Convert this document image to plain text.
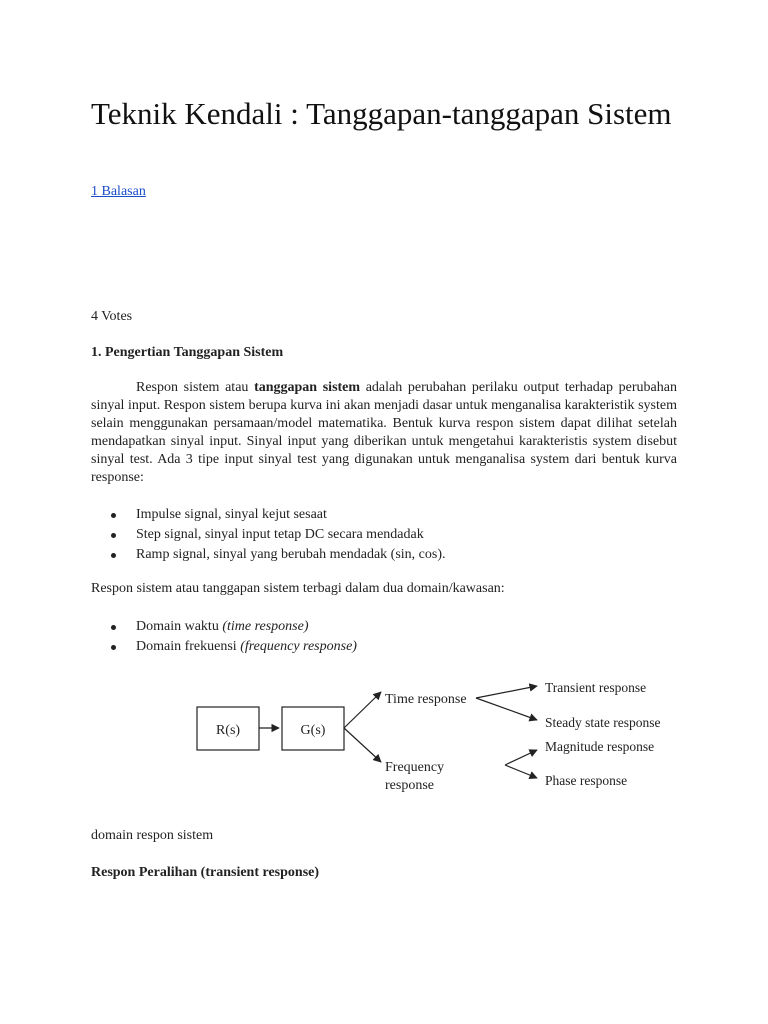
Teknik Kendali : Tanggapan-tanggapan Sistem
1 Balasan
4 Votes
1. Pengertian Tanggapan Sistem

Respon sistem atau tanggapan sistem adalah perubahan perilaku output terhadap perubahan sinyal input. Respon sistem berupa kurva ini akan menjadi dasar untuk menganalisa karakteristik system selain menggunakan persamaan/model matematika. Bentuk kurva respon sistem dapat dilihat setelah mendapatkan sinyal input. Sinyal input yang diberikan untuk mengetahui karakteristis system disebut sinyal test. Ada 3 tipe input sinyal test yang digunakan untuk menganalisa system dari bentuk kurva response:

Impulse signal, sinyal kejut sesaat
Step signal, sinyal input tetap DC secara mendadak
Ramp signal, sinyal yang berubah mendadak (sin, cos).

Respon sistem atau tanggapan sistem terbagi dalam dua domain/kawasan:

Domain waktu (time response)
Domain frekuensi (frequency response)
R(s)	G(s)
Time response
Frequency
response
Transient response
Steady state response
Magnitude response
Phase response
domain respon sistem
Respon Peralihan (transient response)
